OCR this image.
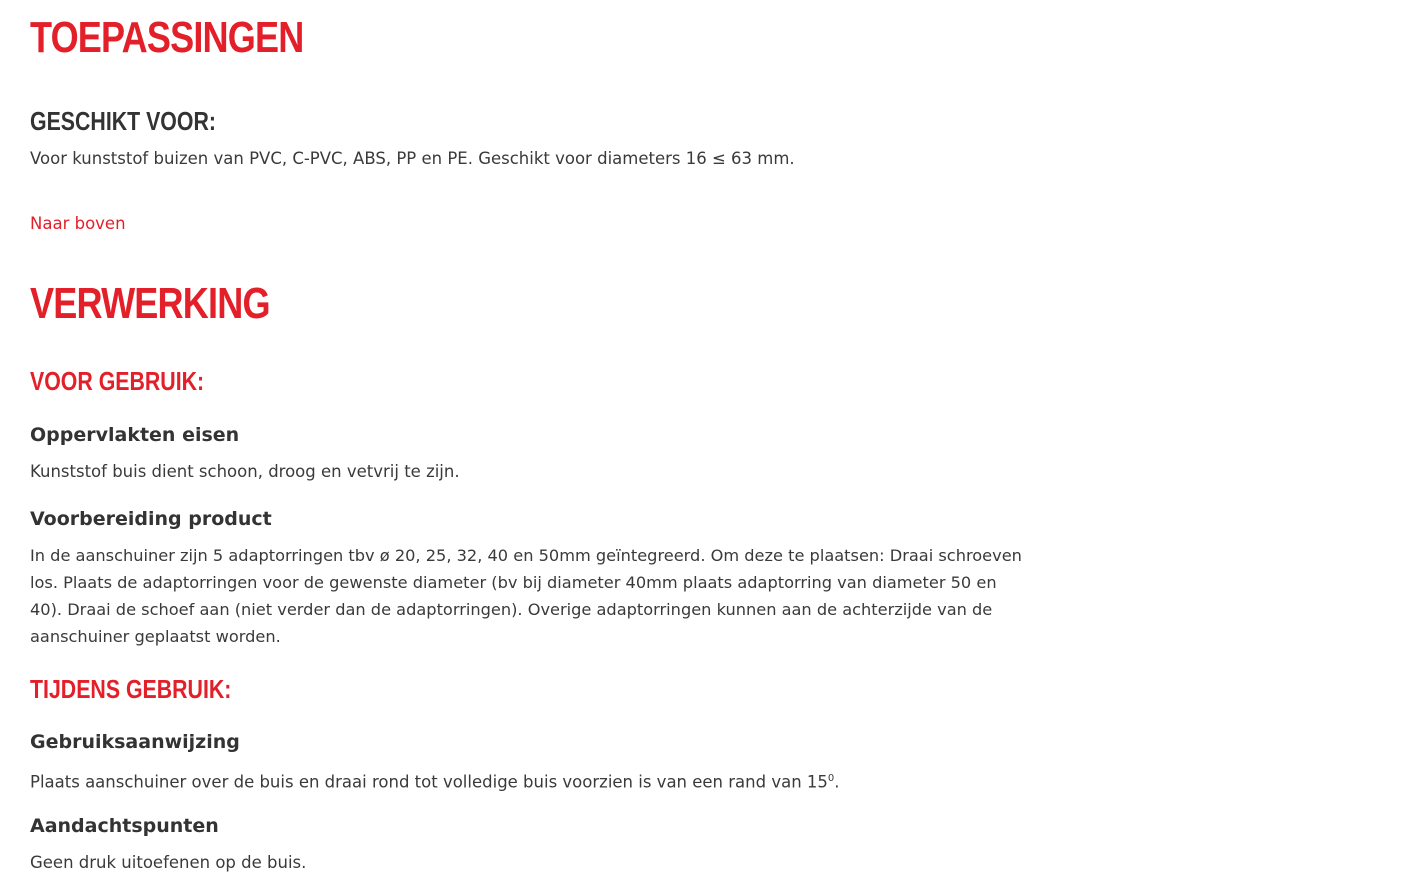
TOEPASSINGEN
GESCHIKT VOOR:

Voor kunststof buizen van PVC, C-PVC, ABS, PP en PE. Geschikt voor diameters 16 ≤ 63 mm.

Naar boven
VERWERKING
VOOR GEBRUIK:
Oppervlakten eisen

Kunststof buis dient schoon, droog en vetvrij te zijn.

Voorbereiding product

In de aanschuiner zijn 5 adaptorringen tbv ø 20, 25, 32, 40 en 50mm geïntegreerd. Om deze te plaatsen: Draai schroeven los. Plaats de adaptorringen voor de gewenste diameter (bv bij diameter 40mm plaats adaptorring van diameter 50 en 40). Draai de schoef aan (niet verder dan de adaptorringen). Overige adaptorringen kunnen aan de achterzijde van de aanschuiner geplaatst worden.

TIJDENS GEBRUIK:
Gebruiksaanwijzing

Plaats aanschuiner over de buis en draai rond tot volledige buis voorzien is van een rand van $15^0$.

Aandachtspunten

Geen druk uitoefenen op de buis.
